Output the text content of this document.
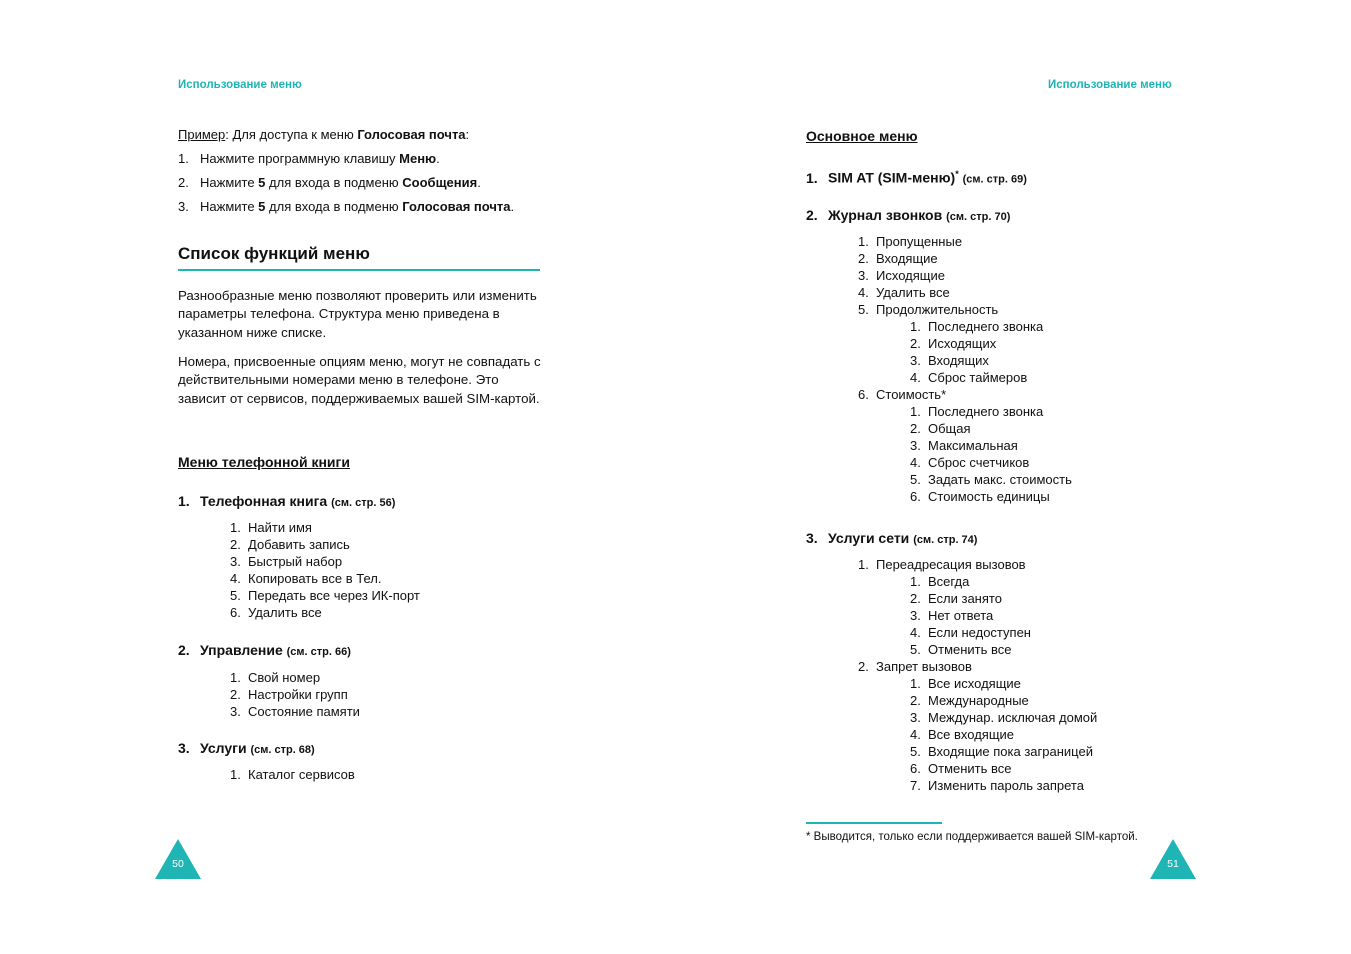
Использование меню
Пример: Для доступа к меню Голосовая почта:
1. Нажмите программную клавишу Меню.
2. Нажмите 5 для входа в подменю Сообщения.
3. Нажмите 5 для входа в подменю Голосовая почта.
Список функций меню
Разнообразные меню позволяют проверить или изменить параметры телефона. Структура меню приведена в указанном ниже списке.
Номера, присвоенные опциям меню, могут не совпадать с действительными номерами меню в телефоне. Это зависит от сервисов, поддерживаемых вашей SIM-картой.
Меню телефонной книги
1. Телефонная книга (см. стр. 56)
1. Найти имя
2. Добавить запись
3. Быстрый набор
4. Копировать все в Тел.
5. Передать все через ИК-порт
6. Удалить все
2. Управление (см. стр. 66)
1. Свой номер
2. Настройки групп
3. Состояние памяти
3. Услуги (см. стр. 68)
1. Каталог сервисов
50
Использование меню
Основное меню
1. SIM AT (SIM-меню)* (см. стр. 69)
2. Журнал звонков (см. стр. 70)
1. Пропущенные
2. Входящие
3. Исходящие
4. Удалить все
5. Продолжительность
1. Последнего звонка
2. Исходящих
3. Входящих
4. Сброс таймеров
6. Стоимость*
1. Последнего звонка
2. Общая
3. Максимальная
4. Сброс счетчиков
5. Задать макс. стоимость
6. Стоимость единицы
3. Услуги сети (см. стр. 74)
1. Переадресация вызовов
1. Всегда
2. Если занято
3. Нет ответа
4. Если недоступен
5. Отменить все
2. Запрет вызовов
1. Все исходящие
2. Международные
3. Междунар. исключая домой
4. Все входящие
5. Входящие пока заграницей
6. Отменить все
7. Изменить пароль запрета
* Выводится, только если поддерживается вашей SIM-картой.
51
